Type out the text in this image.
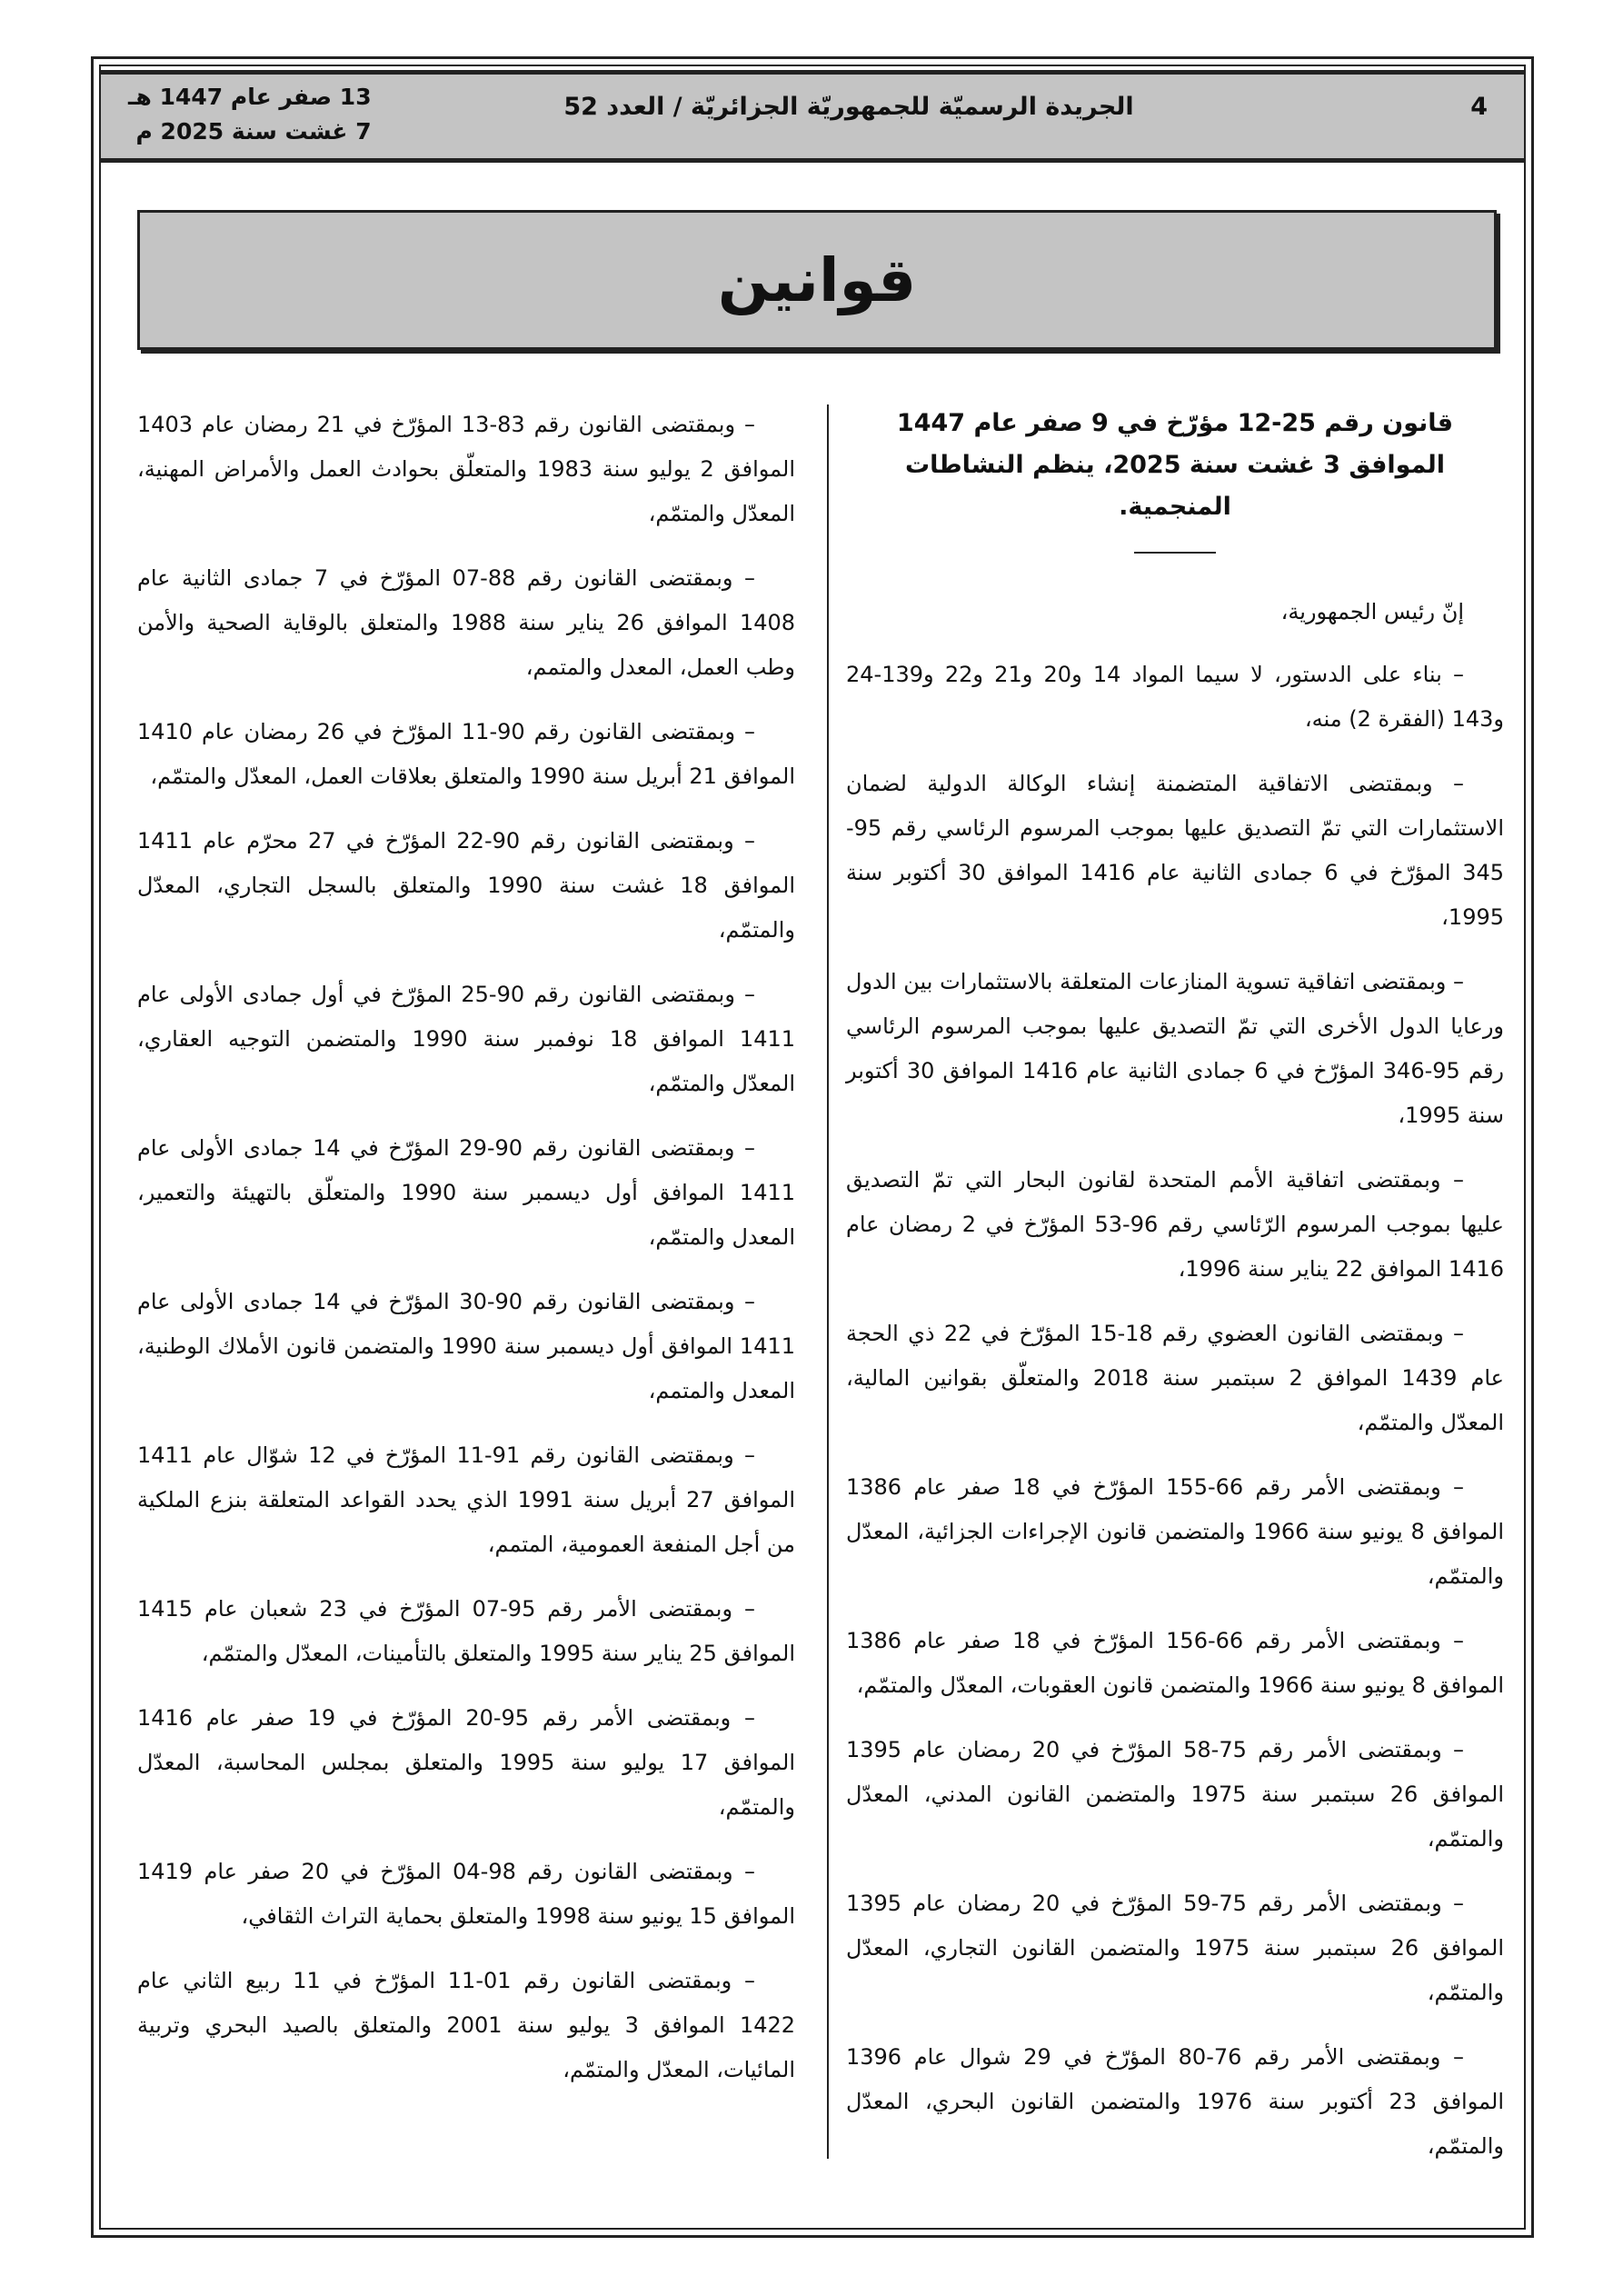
13 صفر عام 1447 هـ
7 غشت سنة 2025 م
الجريدة الرسميّة للجمهوريّة الجزائريّة / العدد 52	4
قوانين

قانون رقم 25-12 مؤرّخ في 9 صفر عام 1447 الموافق 3 غشت سنة 2025، ينظم النشاطات المنجمية.

إنّ رئيس الجمهورية،

– بناء على الدستور، لا سيما المواد 14 و20 و21 و22 و139-24 و143 (الفقرة 2) منه،

– وبمقتضى الاتفاقية المتضمنة إنشاء الوكالة الدولية لضمان الاستثمارات التي تمّ التصديق عليها بموجب المرسوم الرئاسي رقم 95-345 المؤرّخ في 6 جمادى الثانية عام 1416 الموافق 30 أكتوبر سنة 1995،

– وبمقتضى اتفاقية تسوية المنازعات المتعلقة بالاستثمارات بين الدول ورعايا الدول الأخرى التي تمّ التصديق عليها بموجب المرسوم الرئاسي رقم 95-346 المؤرّخ في 6 جمادى الثانية عام 1416 الموافق 30 أكتوبر سنة 1995،

– وبمقتضى اتفاقية الأمم المتحدة لقانون البحار التي تمّ التصديق عليها بموجب المرسوم الرّئاسي رقم 96-53 المؤرّخ في 2 رمضان عام 1416 الموافق 22 يناير سنة 1996،

– وبمقتضى القانون العضوي رقم 18-15 المؤرّخ في 22 ذي الحجة عام 1439 الموافق 2 سبتمبر سنة 2018 والمتعلّق بقوانين المالية، المعدّل والمتمّم،

– وبمقتضى الأمر رقم 66-155 المؤرّخ في 18 صفر عام 1386 الموافق 8 يونيو سنة 1966 والمتضمن قانون الإجراءات الجزائية، المعدّل والمتمّم،

– وبمقتضى الأمر رقم 66-156 المؤرّخ في 18 صفر عام 1386 الموافق 8 يونيو سنة 1966 والمتضمن قانون العقوبات، المعدّل والمتمّم،

– وبمقتضى الأمر رقم 75-58 المؤرّخ في 20 رمضان عام 1395 الموافق 26 سبتمبر سنة 1975 والمتضمن القانون المدني، المعدّل والمتمّم،

– وبمقتضى الأمر رقم 75-59 المؤرّخ في 20 رمضان عام 1395 الموافق 26 سبتمبر سنة 1975 والمتضمن القانون التجاري، المعدّل والمتمّم،

– وبمقتضى الأمر رقم 76-80 المؤرّخ في 29 شوال عام 1396 الموافق 23 أكتوبر سنة 1976 والمتضمن القانون البحري، المعدّل والمتمّم،

– وبمقتضى القانون رقم 83-13 المؤرّخ في 21 رمضان عام 1403 الموافق 2 يوليو سنة 1983 والمتعلّق بحوادث العمل والأمراض المهنية، المعدّل والمتمّم،

– وبمقتضى القانون رقم 88-07 المؤرّخ في 7 جمادى الثانية عام 1408 الموافق 26 يناير سنة 1988 والمتعلق بالوقاية الصحية والأمن وطب العمل، المعدل والمتمم،

– وبمقتضى القانون رقم 90-11 المؤرّخ في 26 رمضان عام 1410 الموافق 21 أبريل سنة 1990 والمتعلق بعلاقات العمل، المعدّل والمتمّم،

– وبمقتضى القانون رقم 90-22 المؤرّخ في 27 محرّم عام 1411 الموافق 18 غشت سنة 1990 والمتعلق بالسجل التجاري، المعدّل والمتمّم،

– وبمقتضى القانون رقم 90-25 المؤرّخ في أول جمادى الأولى عام 1411 الموافق 18 نوفمبر سنة 1990 والمتضمن التوجيه العقاري، المعدّل والمتمّم،

– وبمقتضى القانون رقم 90-29 المؤرّخ في 14 جمادى الأولى عام 1411 الموافق أول ديسمبر سنة 1990 والمتعلّق بالتهيئة والتعمير، المعدل والمتمّم،

– وبمقتضى القانون رقم 90-30 المؤرّخ في 14 جمادى الأولى عام 1411 الموافق أول ديسمبر سنة 1990 والمتضمن قانون الأملاك الوطنية، المعدل والمتمم،

– وبمقتضى القانون رقم 91-11 المؤرّخ في 12 شوّال عام 1411 الموافق 27 أبريل سنة 1991 الذي يحدد القواعد المتعلقة بنزع الملكية من أجل المنفعة العمومية، المتمم،

– وبمقتضى الأمر رقم 95-07 المؤرّخ في 23 شعبان عام 1415 الموافق 25 يناير سنة 1995 والمتعلق بالتأمينات، المعدّل والمتمّم،

– وبمقتضى الأمر رقم 95-20 المؤرّخ في 19 صفر عام 1416 الموافق 17 يوليو سنة 1995 والمتعلق بمجلس المحاسبة، المعدّل والمتمّم،

– وبمقتضى القانون رقم 98-04 المؤرّخ في 20 صفر عام 1419 الموافق 15 يونيو سنة 1998 والمتعلق بحماية التراث الثقافي،

– وبمقتضى القانون رقم 01-11 المؤرّخ في 11 ربيع الثاني عام 1422 الموافق 3 يوليو سنة 2001 والمتعلق بالصيد البحري وتربية المائيات، المعدّل والمتمّم،
